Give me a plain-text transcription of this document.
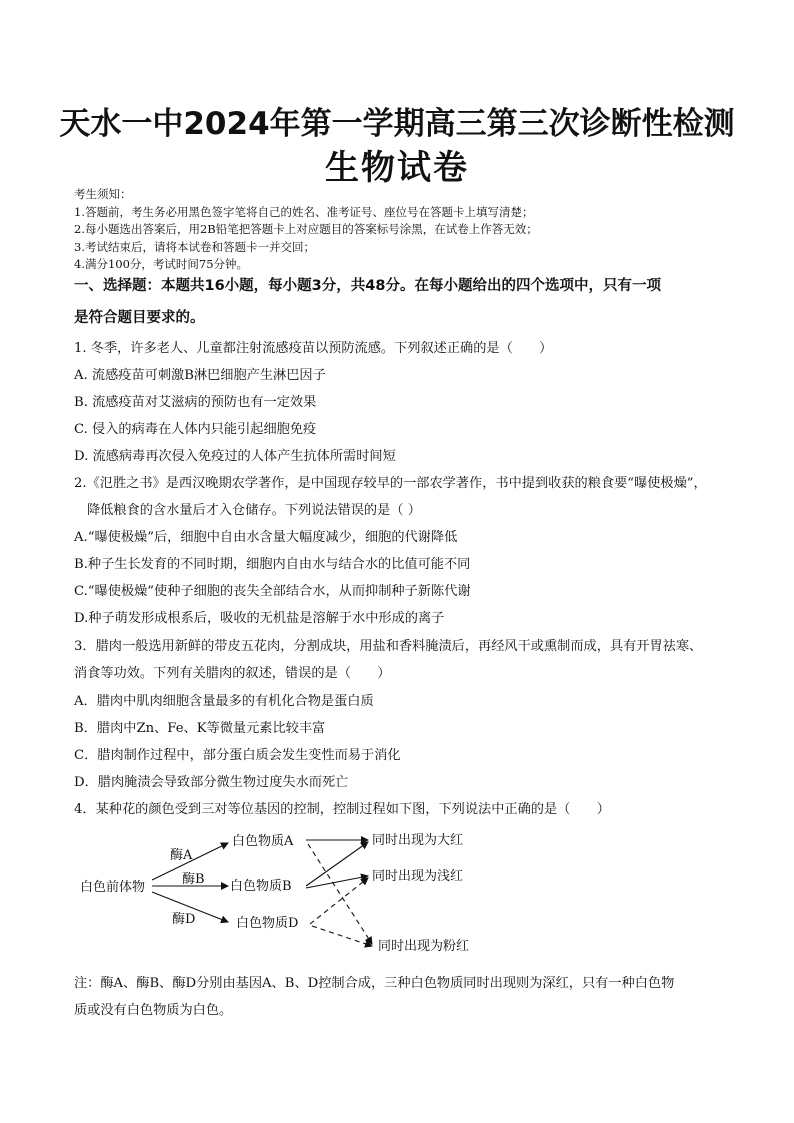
天水一中2024年第一学期高三第三次诊断性检测
生物试卷
考生须知：
1.答题前，考生务必用黑色签字笔将自己的姓名、准考证号、座位号在答题卡上填写清楚；
2.每小题选出答案后，用2B铅笔把答题卡上对应题目的答案标号涂黑，在试卷上作答无效；
3.考试结束后，请将本试卷和答题卡一并交回；
4.满分100分，考试时间75分钟。
一、选择题：本题共16小题，每小题3分，共48分。在每小题给出的四个选项中，只有一项
是符合题目要求的。
1. 冬季，许多老人、儿童都注射流感疫苗以预防流感。下列叙述正确的是（　　）
A. 流感疫苗可刺激B淋巴细胞产生淋巴因子
B. 流感疫苗对艾滋病的预防也有一定效果
C. 侵入的病毒在人体内只能引起细胞免疫
D. 流感病毒再次侵入免疫过的人体产生抗体所需时间短
2.《氾胜之书》是西汉晚期农学著作，是中国现存较早的一部农学著作，书中提到收获的粮食要“曝使极燥”，
降低粮食的含水量后才入仓储存。下列说法错误的是（ ）
A.“曝使极燥”后，细胞中自由水含量大幅度减少，细胞的代谢降低
B.种子生长发育的不同时期，细胞内自由水与结合水的比值可能不同
C.“曝使极燥”使种子细胞的丧失全部结合水，从而抑制种子新陈代谢
D.种子萌发形成根系后，吸收的无机盐是溶解于水中形成的离子
3．腊肉一般选用新鲜的带皮五花肉，分割成块，用盐和香料腌渍后，再经风干或熏制而成，具有开胃祛寒、
消食等功效。下列有关腊肉的叙述，错误的是（　　）
A．腊肉中肌肉细胞含量最多的有机化合物是蛋白质
B．腊肉中Zn、Fe、K等微量元素比较丰富
C．腊肉制作过程中，部分蛋白质会发生变性而易于消化
D．腊肉腌渍会导致部分微生物过度失水而死亡
4．某种花的颜色受到三对等位基因的控制，控制过程如下图，下列说法中正确的是（　　）
白色前体物
酶A
酶B
酶D
白色物质A
白色物质B
白色物质D
同时出现为大红
同时出现为浅红
同时出现为粉红
注：酶A、酶B、酶D分别由基因A、B、D控制合成，三种白色物质同时出现则为深红，只有一种白色物
质或没有白色物质为白色。
